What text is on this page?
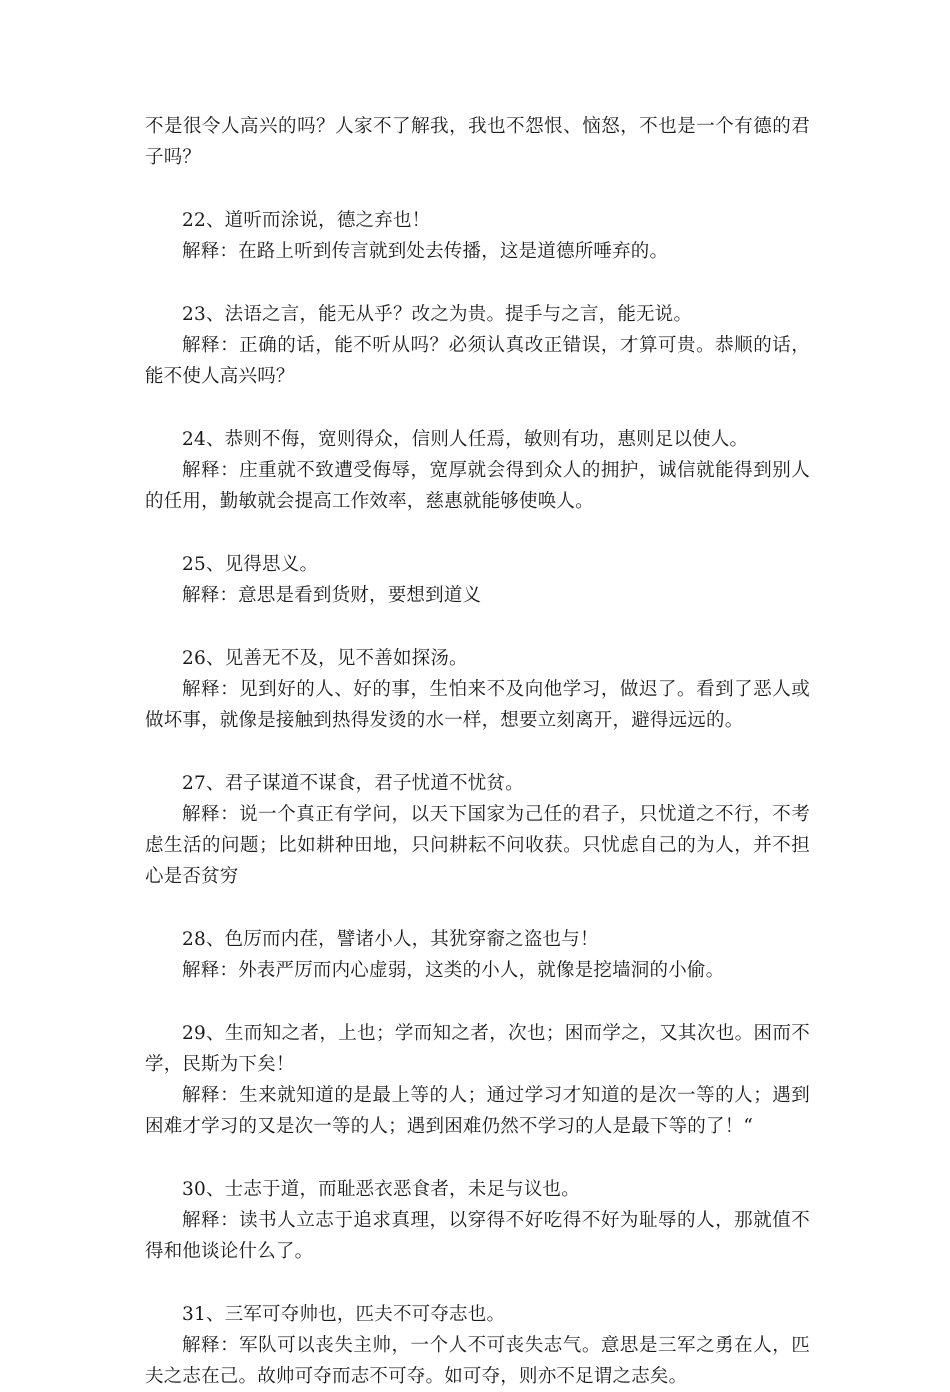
不是很令人高兴的吗？人家不了解我，我也不怨恨、恼怒，不也是一个有德的君子吗？

22、道听而涂说，德之弃也！

解释：在路上听到传言就到处去传播，这是道德所唾弃的。

23、法语之言，能无从乎？改之为贵。提手与之言，能无说。

解释：正确的话，能不听从吗？必须认真改正错误，才算可贵。恭顺的话，能不使人高兴吗？

24、恭则不侮，宽则得众，信则人任焉，敏则有功，惠则足以使人。

解释：庄重就不致遭受侮辱，宽厚就会得到众人的拥护，诚信就能得到别人的任用，勤敏就会提高工作效率，慈惠就能够使唤人。

25、见得思义。

解释：意思是看到货财，要想到道义

26、见善无不及，见不善如探汤。

解释：见到好的人、好的事，生怕来不及向他学习，做迟了。看到了恶人或做坏事，就像是接触到热得发烫的水一样，想要立刻离开，避得远远的。

27、君子谋道不谋食，君子忧道不忧贫。

解释：说一个真正有学问，以天下国家为己任的君子，只忧道之不行，不考虑生活的问题；比如耕种田地，只问耕耘不问收获。只忧虑自己的为人，并不担心是否贫穷

28、色厉而内荏，譬诸小人，其犹穿窬之盗也与！

解释：外表严厉而内心虚弱，这类的小人，就像是挖墙洞的小偷。

29、生而知之者，上也；学而知之者，次也；困而学之，又其次也。困而不学，民斯为下矣！

解释：生来就知道的是最上等的人；通过学习才知道的是次一等的人；遇到困难才学习的又是次一等的人；遇到困难仍然不学习的人是最下等的了！“

30、士志于道，而耻恶衣恶食者，未足与议也。

解释：读书人立志于追求真理，以穿得不好吃得不好为耻辱的人，那就值不得和他谈论什么了。

31、三军可夺帅也，匹夫不可夺志也。

解释：军队可以丧失主帅，一个人不可丧失志气。意思是三军之勇在人，匹夫之志在己。故帅可夺而志不可夺。如可夺，则亦不足谓之志矣。
